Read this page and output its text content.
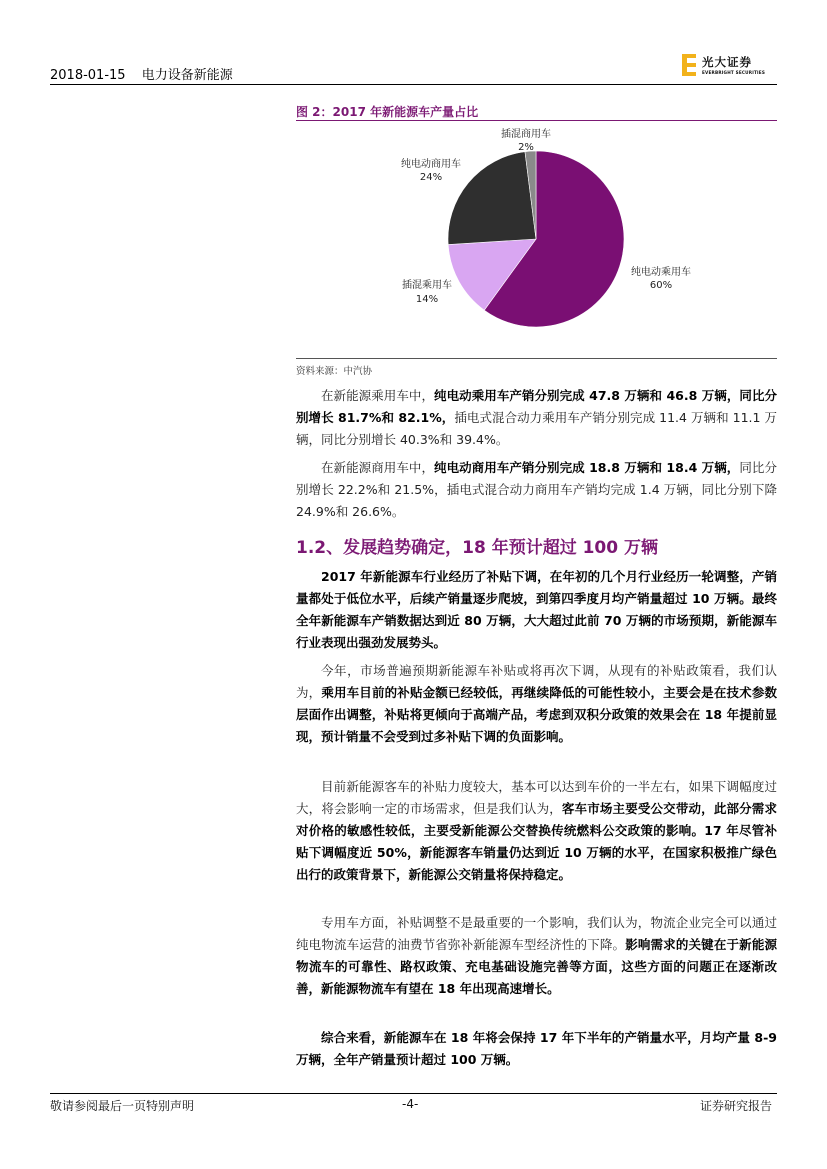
2018-01-15 电力设备新能源
光大证券
EVERBRIGHT SECURITIES
图 2：2017 年新能源车产量占比
纯电动乘用车
60%
插混乘用车
14%
纯电动商用车
24%
插混商用车
2%
资料来源：中汽协
在新能源乘用车中，纯电动乘用车产销分别完成 47.8 万辆和 46.8 万辆，同比分别增长 81.7%和 82.1%，插电式混合动力乘用车产销分别完成 11.4 万辆和 11.1 万辆，同比分别增长 40.3%和 39.4%。
在新能源商用车中，纯电动商用车产销分别完成 18.8 万辆和 18.4 万辆，同比分别增长 22.2%和 21.5%，插电式混合动力商用车产销均完成 1.4 万辆，同比分别下降 24.9%和 26.6%。
1.2、发展趋势确定，18 年预计超过 100 万辆
2017 年新能源车行业经历了补贴下调，在年初的几个月行业经历一轮调整，产销量都处于低位水平，后续产销量逐步爬坡，到第四季度月均产销量超过 10 万辆。最终全年新能源车产销数据达到近 80 万辆，大大超过此前 70 万辆的市场预期，新能源车行业表现出强劲发展势头。
今年，市场普遍预期新能源车补贴或将再次下调，从现有的补贴政策看，我们认为，乘用车目前的补贴金额已经较低，再继续降低的可能性较小，主要会是在技术参数层面作出调整，补贴将更倾向于高端产品，考虑到双积分政策的效果会在 18 年提前显现，预计销量不会受到过多补贴下调的负面影响。
目前新能源客车的补贴力度较大，基本可以达到车价的一半左右，如果下调幅度过大，将会影响一定的市场需求，但是我们认为，客车市场主要受公交带动，此部分需求对价格的敏感性较低，主要受新能源公交替换传统燃料公交政策的影响。17 年尽管补贴下调幅度近 50%，新能源客车销量仍达到近 10 万辆的水平，在国家积极推广绿色出行的政策背景下，新能源公交销量将保持稳定。
专用车方面，补贴调整不是最重要的一个影响，我们认为，物流企业完全可以通过纯电物流车运营的油费节省弥补新能源车型经济性的下降。影响需求的关键在于新能源物流车的可靠性、路权政策、充电基础设施完善等方面，这些方面的问题正在逐渐改善，新能源物流车有望在 18 年出现高速增长。
综合来看，新能源车在 18 年将会保持 17 年下半年的产销量水平，月均产量 8-9 万辆，全年产销量预计超过 100 万辆。
敬请参阅最后一页特别声明	-4-	证券研究报告
